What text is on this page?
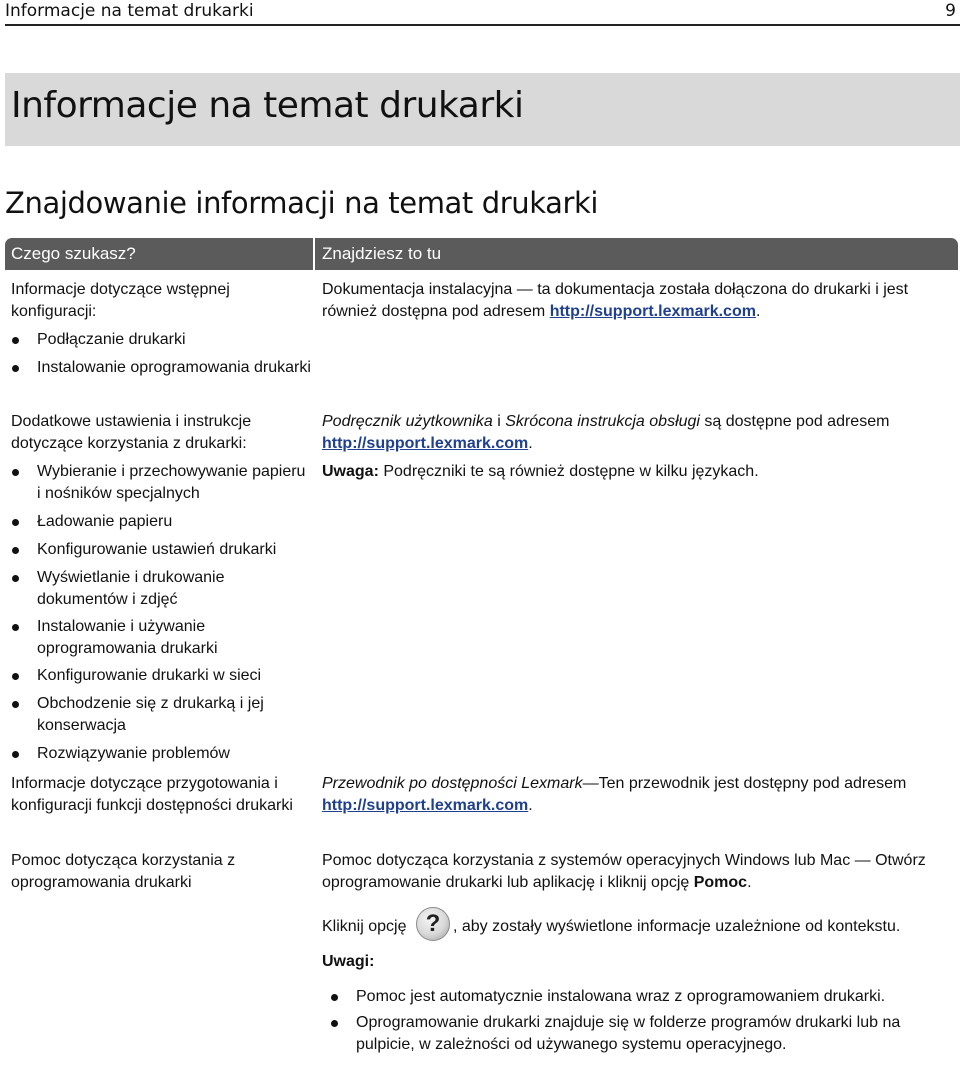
Informacje na temat drukarki	9
Informacje na temat drukarki
Znajdowanie informacji na temat drukarki
Czego szukasz?	Znajdziesz to tu

Informacje dotyczące wstępnej konfiguracji:

Podłączanie drukarki
Instalowanie oprogramowania drukarki

Dokumentacja instalacyjna — ta dokumentacja została dołączona do drukarki i jest również dostępna pod adresem http://support.lexmark.com.

Dodatkowe ustawienia i instrukcje dotyczące korzystania z drukarki:

Wybieranie i przechowywanie papieru i nośników specjalnych
Ładowanie papieru
Konfigurowanie ustawień drukarki
Wyświetlanie i drukowanie dokumentów i zdjęć
Instalowanie i używanie oprogramowania drukarki
Konfigurowanie drukarki w sieci
Obchodzenie się z drukarką i jej konserwacja
Rozwiązywanie problemów

Podręcznik użytkownika i Skrócona instrukcja obsługi są dostępne pod adresem http://support.lexmark.com.

Uwaga: Podręczniki te są również dostępne w kilku językach.

Informacje dotyczące przygotowania i konfiguracji funkcji dostępności drukarki

Przewodnik po dostępności Lexmark—Ten przewodnik jest dostępny pod adresem http://support.lexmark.com.

Pomoc dotycząca korzystania z oprogramowania drukarki

Pomoc dotycząca korzystania z systemów operacyjnych Windows lub Mac — Otwórz oprogramowanie drukarki lub aplikację i kliknij opcję Pomoc.

Kliknij opcję ? , aby zostały wyświetlone informacje uzależnione od kontekstu.

Uwagi:

Pomoc jest automatycznie instalowana wraz z oprogramowaniem drukarki.
Oprogramowanie drukarki znajduje się w folderze programów drukarki lub na pulpicie, w zależności od używanego systemu operacyjnego.
